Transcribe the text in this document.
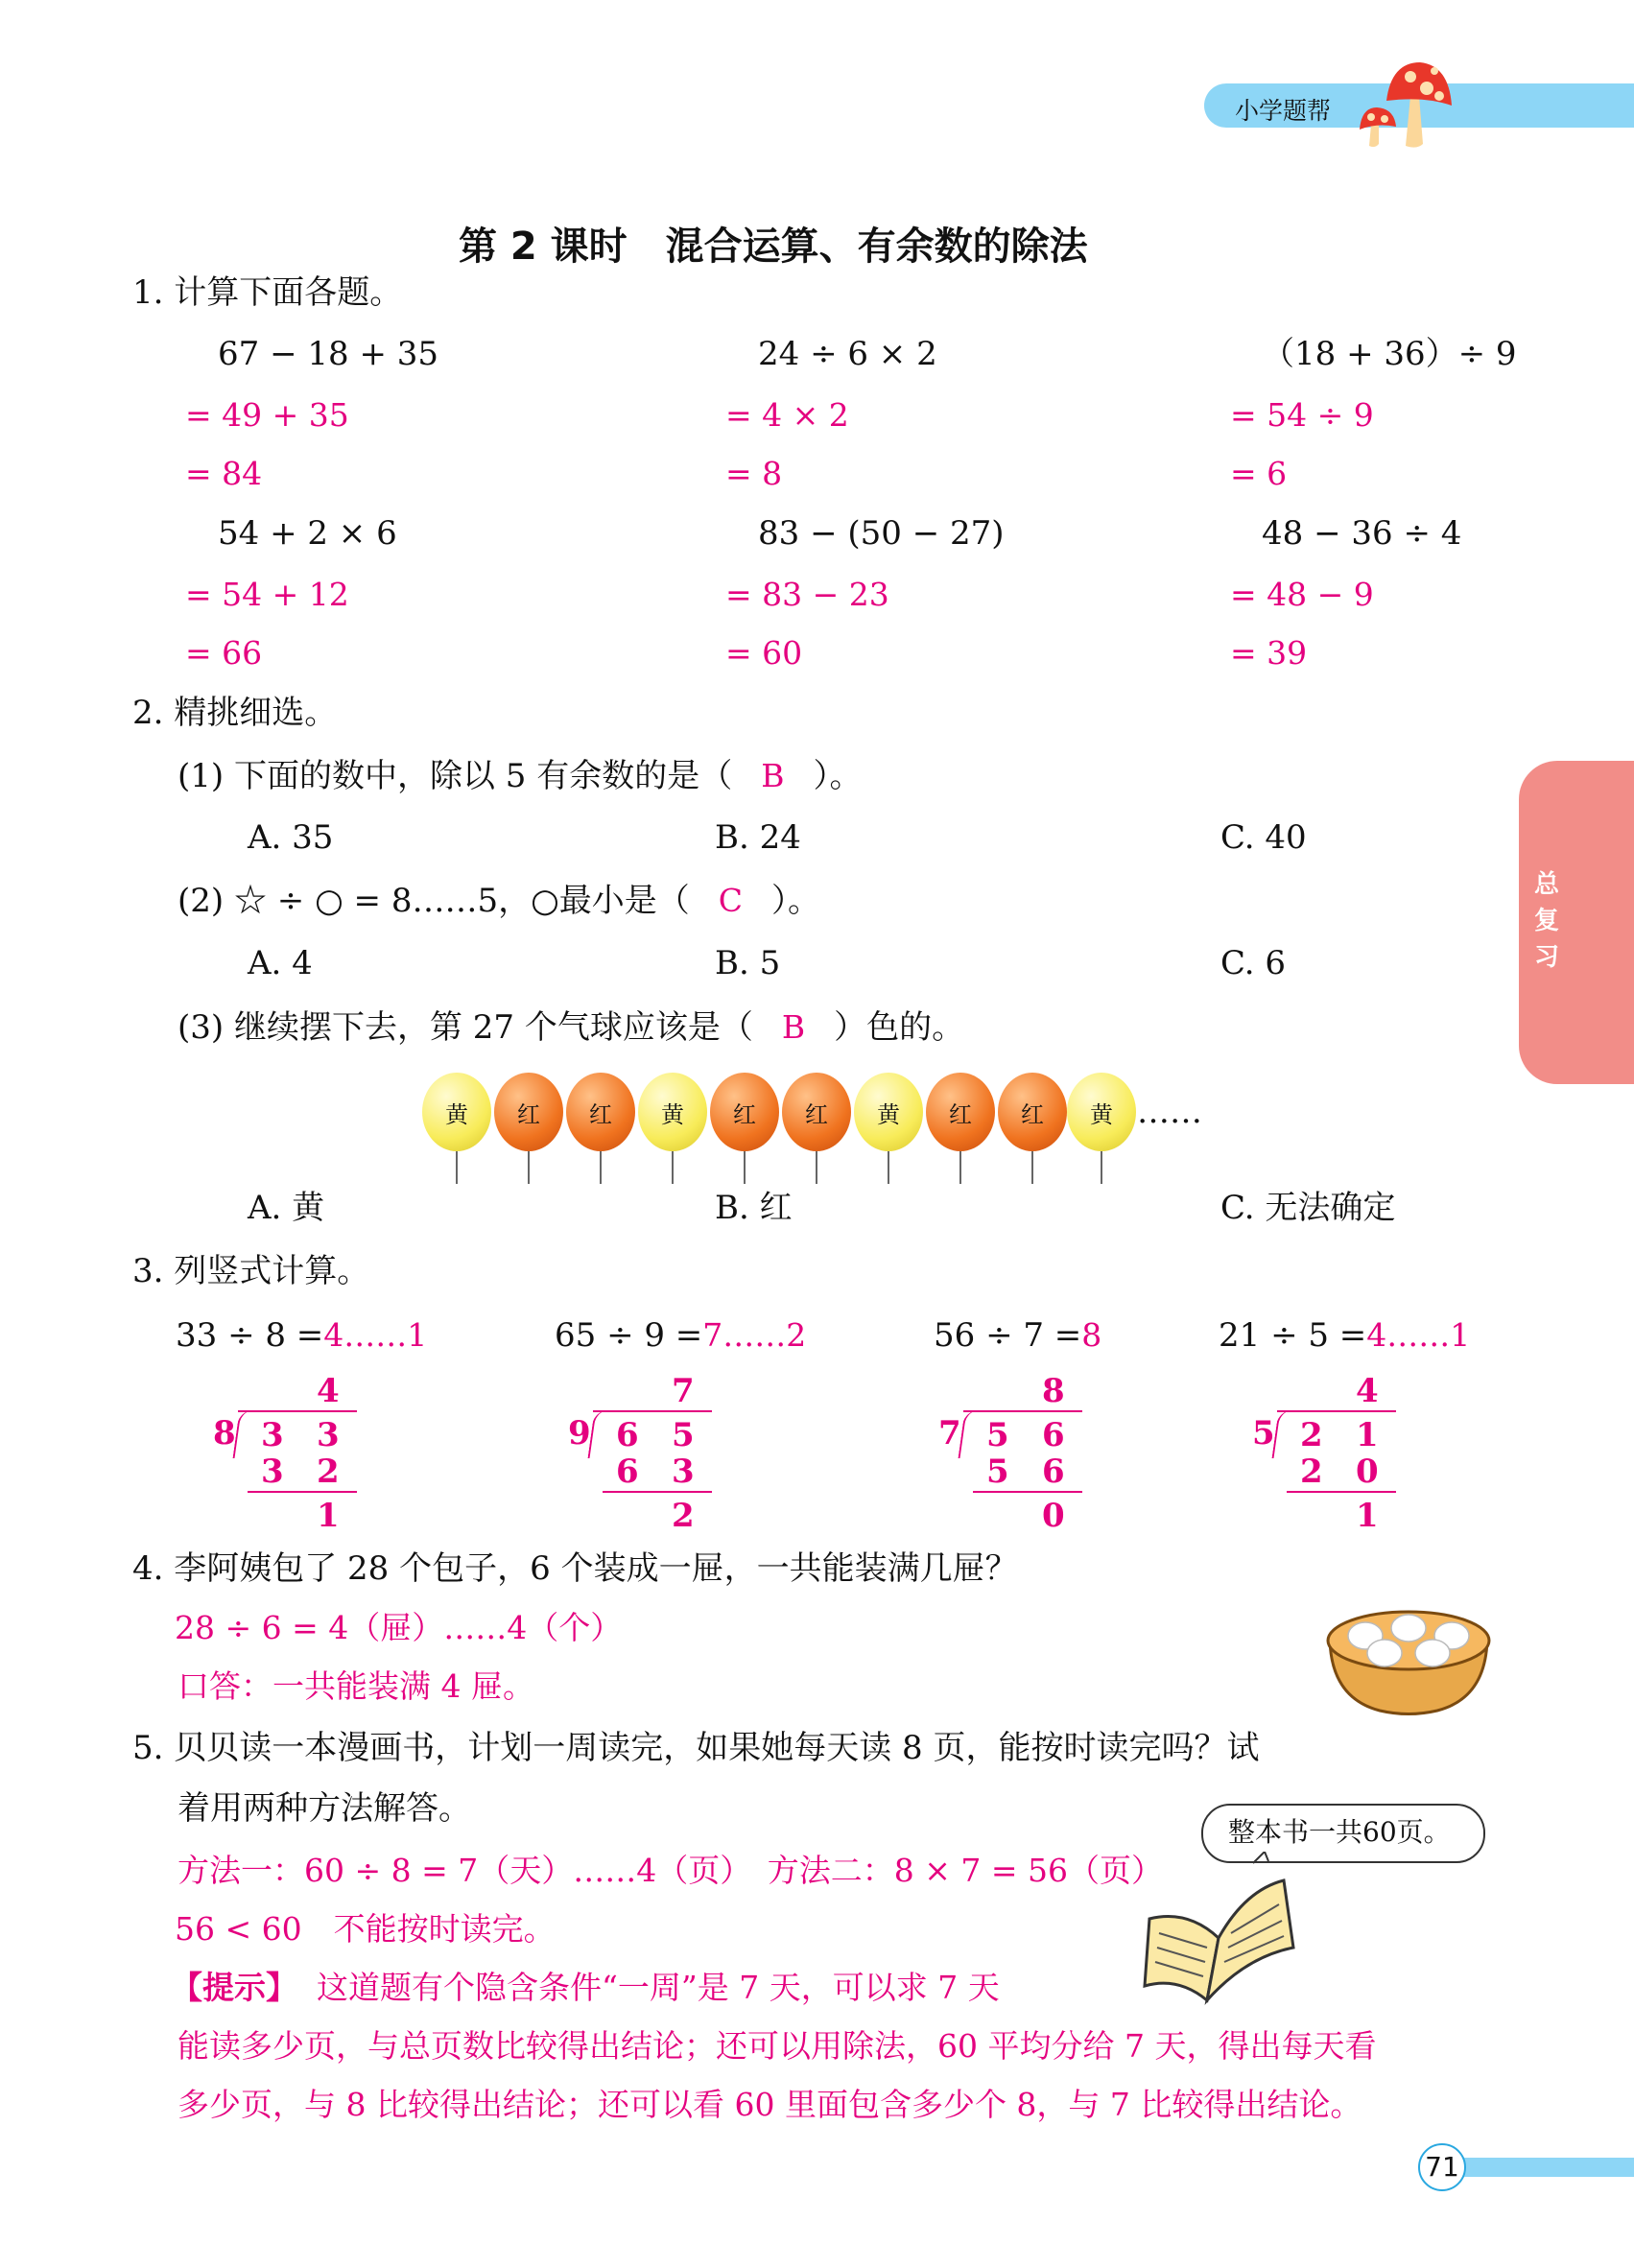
小学题帮
总复习
第 2 课时　混合运算、有余数的除法
1. 计算下面各题。
67 − 18 + 35
= 49 + 35
= 84
24 ÷ 6 × 2
= 4 × 2
= 8
（18 + 36）÷ 9
= 54 ÷ 9
= 6
54 + 2 × 6
= 54 + 12
= 66
83 − (50 − 27)
= 83 − 23
= 60
48 − 36 ÷ 4
= 48 − 9
= 39
2. 精挑细选。
(1) 下面的数中，除以 5 有余数的是（ B ）。
A. 35	B. 24	C. 40
(2) ☆ ÷ ○ = 8……5，○最小是（ C ）。
A. 4	B. 5	C. 6
(3) 继续摆下去，第 27 个气球应该是（ B ）色的。
黄 红 红 黄 红 红 黄 红 红 黄 ……
A. 黄	B. 红	C. 无法确定
3. 列竖式计算。
33 ÷ 8 =4……1
4
8 3 3
3 2
1
65 ÷ 9 =7……2
7
9 6 5
6 3
2
56 ÷ 7 =8
8
7 5 6
5 6
0
21 ÷ 5 =4……1
4
5 2 1
2 0
1
4. 李阿姨包了 28 个包子，6 个装成一屉，一共能装满几屉？
28 ÷ 6 = 4（屉）……4（个）
口答：一共能装满 4 屉。
5. 贝贝读一本漫画书，计划一周读完，如果她每天读 8 页，能按时读完吗？试
着用两种方法解答。
整本书一共60页。
方法一：60 ÷ 8 = 7（天）……4（页）　方法二：8 × 7 = 56（页）
56 < 60　不能按时读完。
【提示】 这道题有个隐含条件“一周”是 7 天，可以求 7 天
能读多少页，与总页数比较得出结论；还可以用除法，60 平均分给 7 天，得出每天看
多少页，与 8 比较得出结论；还可以看 60 里面包含多少个 8，与 7 比较得出结论。
71
